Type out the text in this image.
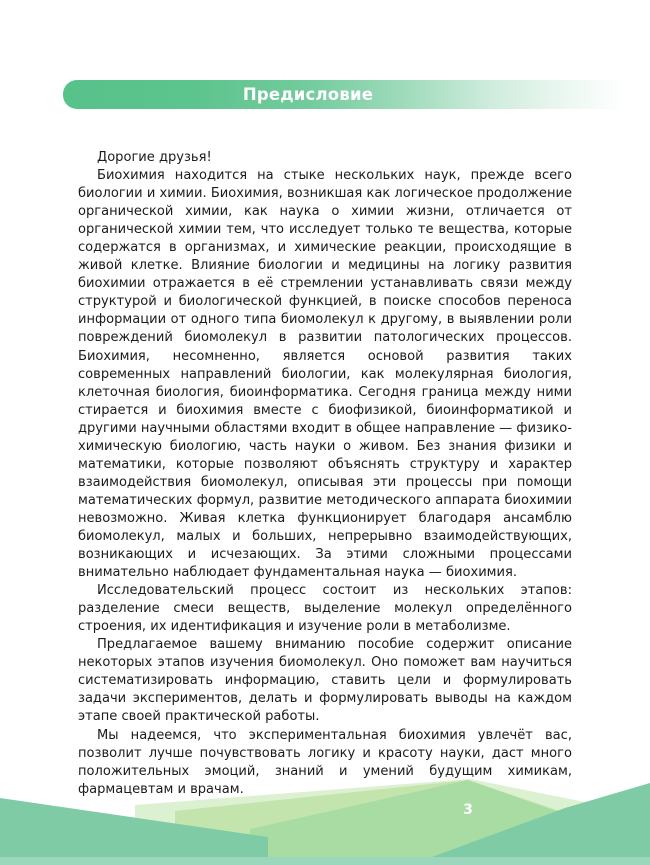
Предисловие

Дорогие друзья!

Биохимия находится на стыке нескольких наук, прежде всего биологии и химии. Биохимия, возникшая как логическое продолжение органической химии, как наука о химии жизни, отличается от органической химии тем, что исследует только те вещества, которые содержатся в организмах, и химические реакции, происходящие в живой клетке. Влияние биологии и медицины на логику развития биохимии отражается в её стремлении устанавливать связи между структурой и биологической функцией, в поиске способов переноса информации от одного типа биомолекул к другому, в выявлении роли повреждений биомолекул в развитии патологических процессов. Биохимия, несомненно, является основой развития таких современных направлений биологии, как молекулярная биология, клеточная биология, биоинформатика. Сегодня граница между ними стирается и биохимия вместе с биофизикой, биоинформатикой и другими научными областями входит в общее направление — физико-химическую биологию, часть науки о живом. Без знания физики и математики, которые позволяют объяснять структуру и характер взаимодействия биомолекул, описывая эти процессы при помощи математических формул, развитие методического аппарата биохимии невозможно. Живая клетка функционирует благодаря ансамблю биомолекул, малых и больших, непрерывно взаимодействующих, возникающих и исчезающих. За этими сложными процессами внимательно наблюдает фундаментальная наука — биохимия.

Исследовательский процесс состоит из нескольких этапов: разделение смеси веществ, выделение молекул определённого строения, их идентификация и изучение роли в метаболизме.

Предлагаемое вашему вниманию пособие содержит описание некоторых этапов изучения биомолекул. Оно поможет вам научиться систематизировать информацию, ставить цели и формулировать задачи экспериментов, делать и формулировать выводы на каждом этапе своей практической работы.

Мы надеемся, что экспериментальная биохимия увлечёт вас, позволит лучше почувствовать логику и красоту науки, даст много положительных эмоций, знаний и умений будущим химикам, фармацевтам и врачам.

3
